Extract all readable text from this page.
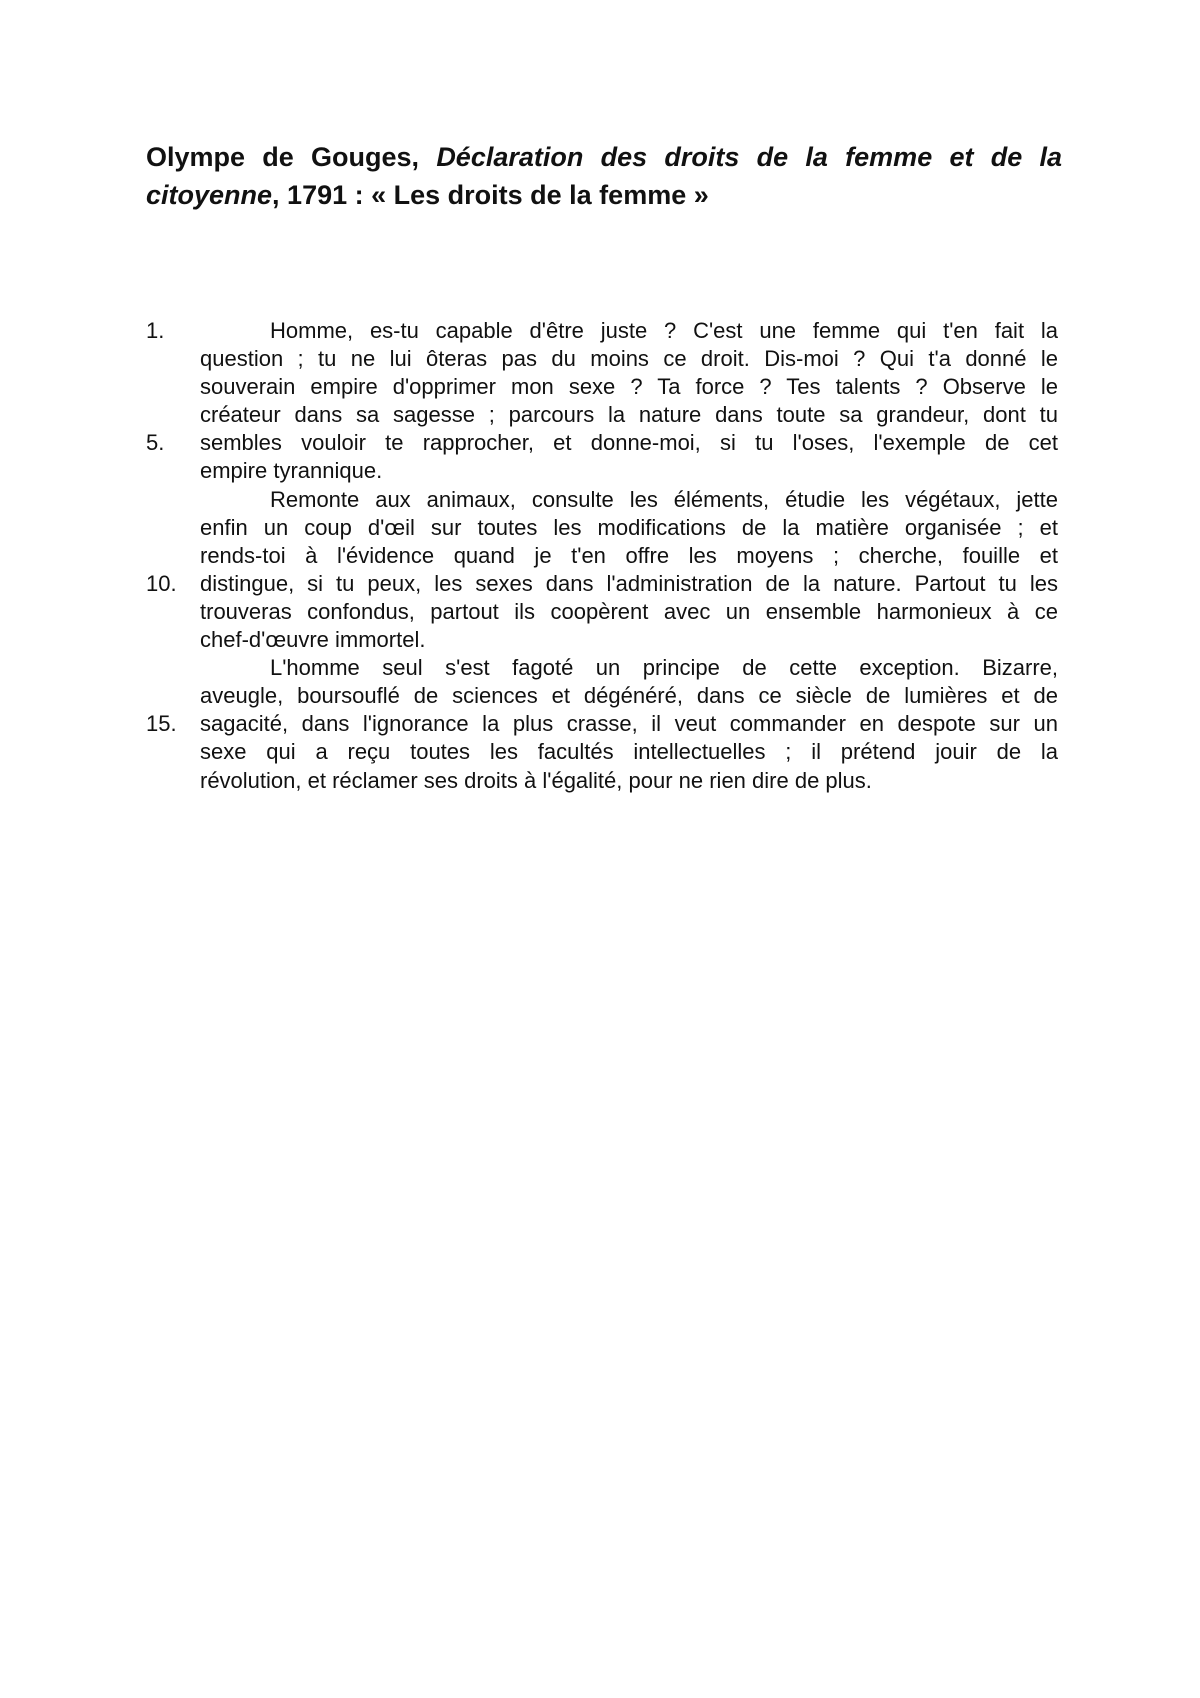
Olympe de Gouges, Déclaration des droits de la femme et de la citoyenne, 1791 : « Les droits de la femme »
1.	Homme, es-tu capable d'être juste ? C'est une femme qui t'en fait la
question ; tu ne lui ôteras pas du moins ce droit. Dis-moi ? Qui t'a donné le
souverain empire d'opprimer mon sexe ? Ta force ? Tes talents ? Observe le
créateur dans sa sagesse ; parcours la nature dans toute sa grandeur, dont tu
5.	sembles vouloir te rapprocher, et donne-moi, si tu l'oses, l'exemple de cet
empire tyrannique.
Remonte aux animaux, consulte les éléments, étudie les végétaux, jette
enfin un coup d'œil sur toutes les modifications de la matière organisée ; et
rends-toi à l'évidence quand je t'en offre les moyens ; cherche, fouille et
10.	distingue, si tu peux, les sexes dans l'administration de la nature. Partout tu les
trouveras confondus, partout ils coopèrent avec un ensemble harmonieux à ce
chef-d'œuvre immortel.
L'homme seul s'est fagoté un principe de cette exception. Bizarre,
aveugle, boursouflé de sciences et dégénéré, dans ce siècle de lumières et de
15.	sagacité, dans l'ignorance la plus crasse, il veut commander en despote sur un
sexe qui a reçu toutes les facultés intellectuelles ; il prétend jouir de la
révolution, et réclamer ses droits à l'égalité, pour ne rien dire de plus.
